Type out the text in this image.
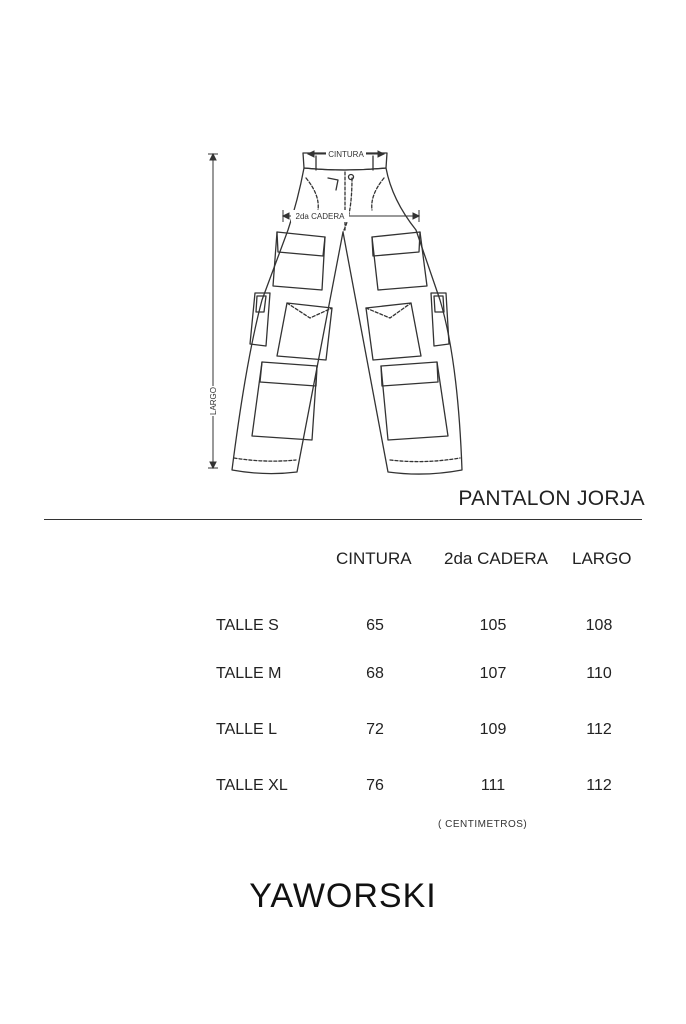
CINTURA
2da CADERA
LARGO
PANTALON JORJA
CINTURA 2da CADERA LARGO
TALLE S	65	105	108
TALLE M	68	107	110
TALLE L	72	109	112
TALLE XL	76	111	112
( CENTIMETROS)
YAWORSKI
